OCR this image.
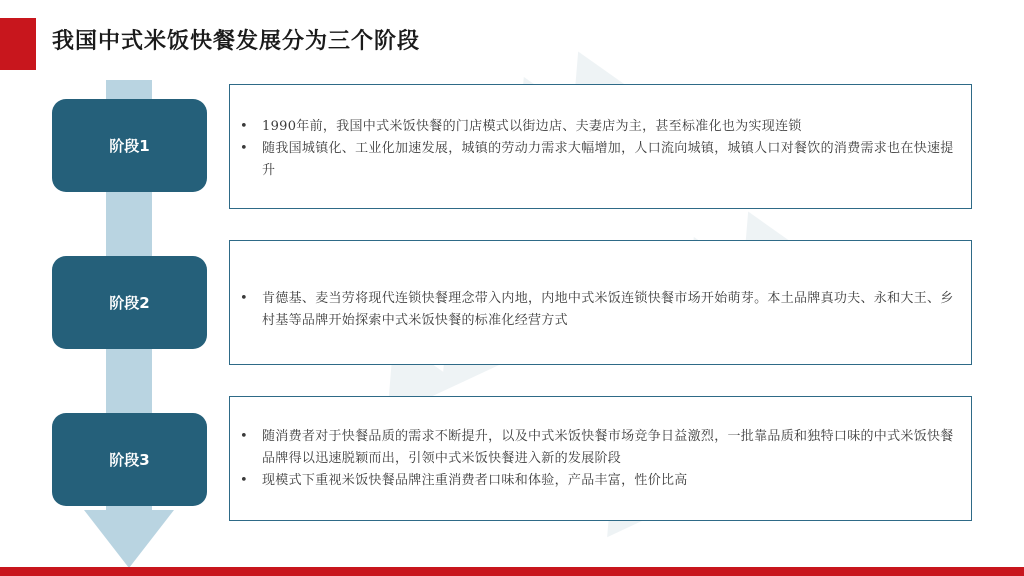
我国中式米饭快餐发展分为三个阶段
阶段1
阶段2
阶段3
• 1990年前，我国中式米饭快餐的门店模式以街边店、夫妻店为主，甚至标准化也为实现连锁
• 随我国城镇化、工业化加速发展，城镇的劳动力需求大幅增加，人口流向城镇，城镇人口对餐饮的消费需求也在快速提升
• 肯德基、麦当劳将现代连锁快餐理念带入内地，内地中式米饭连锁快餐市场开始萌芽。本土品牌真功夫、永和大王、乡村基等品牌开始探索中式米饭快餐的标准化经营方式
• 随消费者对于快餐品质的需求不断提升，以及中式米饭快餐市场竞争日益激烈，一批靠品质和独特口味的中式米饭快餐品牌得以迅速脱颖而出，引领中式米饭快餐进入新的发展阶段
• 现模式下重视米饭快餐品牌注重消费者口味和体验，产品丰富，性价比高
